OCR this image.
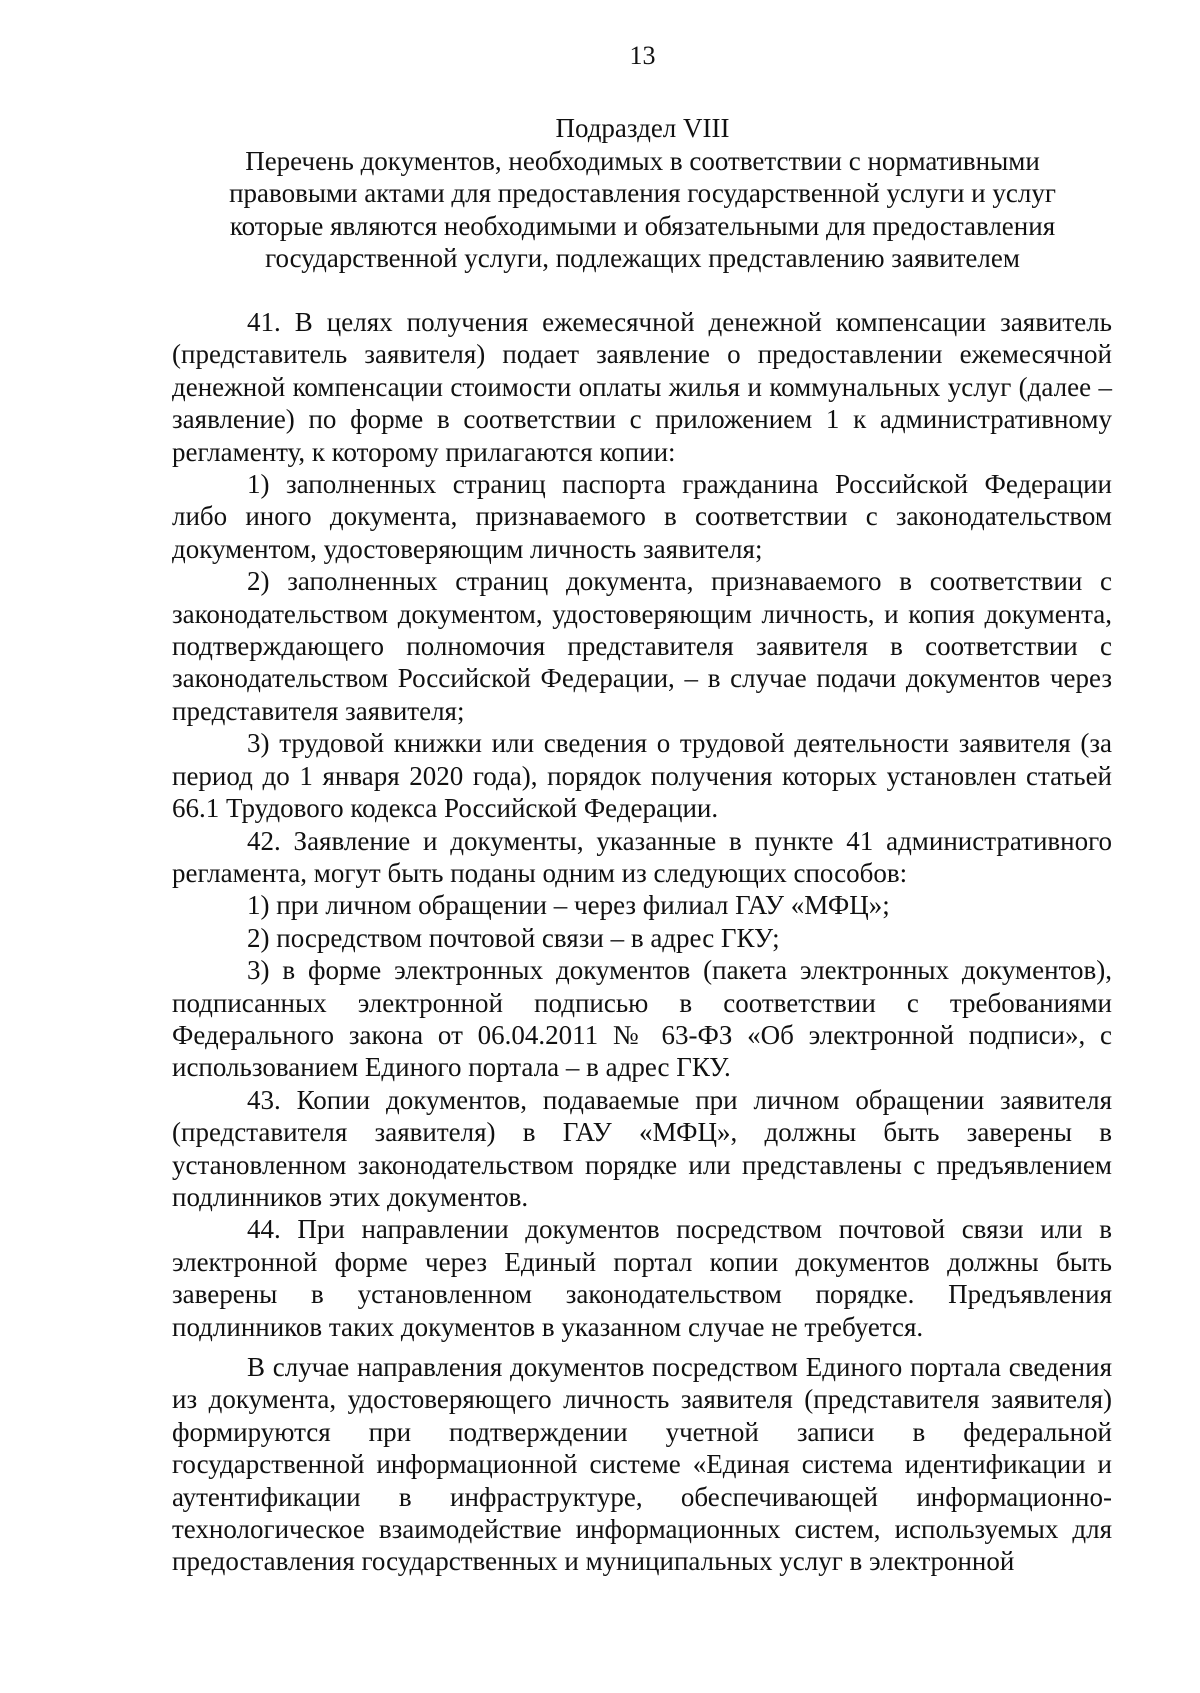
13
Подраздел VIII
Перечень документов, необходимых в соответствии с нормативными
правовыми актами для предоставления государственной услуги и услуг
которые являются необходимыми и обязательными для предоставления
государственной услуги, подлежащих представлению заявителем

41. В целях получения ежемесячной денежной компенсации заявитель (представитель заявителя) подает заявление о предоставлении ежемесячной денежной компенсации стоимости оплаты жилья и коммунальных услуг (далее – заявление) по форме в соответствии с приложением 1 к административному регламенту, к которому прилагаются копии:

1) заполненных страниц паспорта гражданина Российской Федерации либо иного документа, признаваемого в соответствии с законодательством документом, удостоверяющим личность заявителя;

2) заполненных страниц документа, признаваемого в соответствии с законодательством документом, удостоверяющим личность, и копия документа, подтверждающего полномочия представителя заявителя в соответствии с законодательством Российской Федерации, – в случае подачи документов через представителя заявителя;

3) трудовой книжки или сведения о трудовой деятельности заявителя (за период до 1 января 2020 года), порядок получения которых установлен статьей 66.1 Трудового кодекса Российской Федерации.

42. Заявление и документы, указанные в пункте 41 административного регламента, могут быть поданы одним из следующих способов:

1) при личном обращении – через филиал ГАУ «МФЦ»;

2) посредством почтовой связи – в адрес ГКУ;

3) в форме электронных документов (пакета электронных документов), подписанных электронной подписью в соответствии с требованиями Федерального закона от 06.04.2011 № 63-ФЗ «Об электронной подписи», с использованием Единого портала – в адрес ГКУ.

43. Копии документов, подаваемые при личном обращении заявителя (представителя заявителя) в ГАУ «МФЦ», должны быть заверены в установленном законодательством порядке или представлены с предъявлением подлинников этих документов.

44. При направлении документов посредством почтовой связи или в электронной форме через Единый портал копии документов должны быть заверены в установленном законодательством порядке. Предъявления подлинников таких документов в указанном случае не требуется.

В случае направления документов посредством Единого портала сведения из документа, удостоверяющего личность заявителя (представителя заявителя) формируются при подтверждении учетной записи в федеральной государственной информационной системе «Единая система идентификации и аутентификации в инфраструктуре, обеспечивающей информационно-технологическое взаимодействие информационных систем, используемых для предоставления государственных и муниципальных услуг в электронной
